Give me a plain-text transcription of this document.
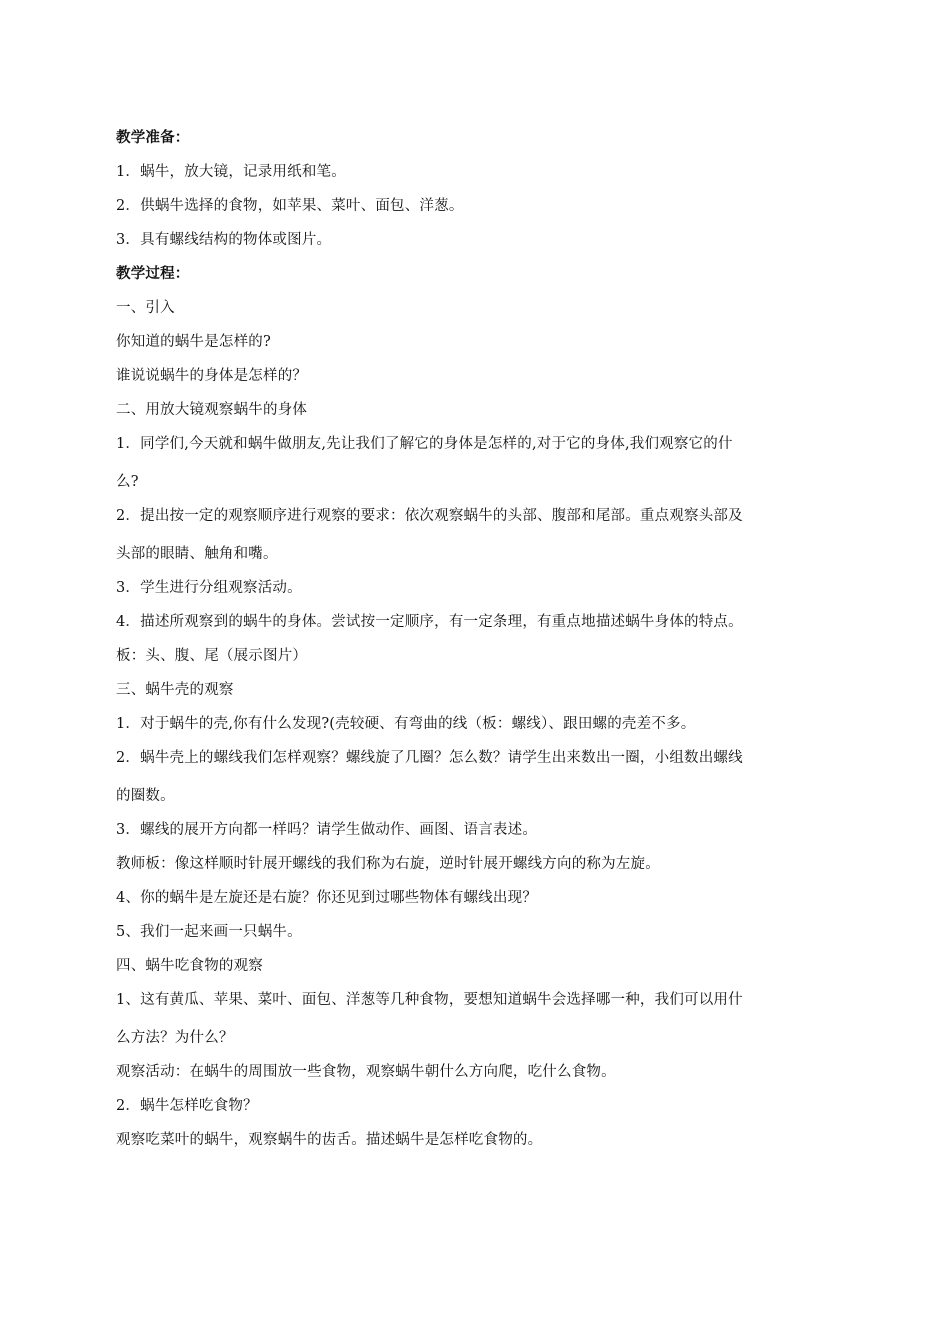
教学准备：
1．蜗牛，放大镜，记录用纸和笔。
2．供蜗牛选择的食物，如苹果、菜叶、面包、洋葱。
3．具有螺线结构的物体或图片。
教学过程：
一、引入
你知道的蜗牛是怎样的?
谁说说蜗牛的身体是怎样的？
二、用放大镜观察蜗牛的身体
1．同学们,今天就和蜗牛做朋友,先让我们了解它的身体是怎样的,对于它的身体,我们观察它的什
么?
2．提出按一定的观察顺序进行观察的要求：依次观察蜗牛的头部、腹部和尾部。重点观察头部及
头部的眼睛、触角和嘴。
3．学生进行分组观察活动。
4．描述所观察到的蜗牛的身体。尝试按一定顺序，有一定条理，有重点地描述蜗牛身体的特点。
板：头、腹、尾（展示图片）
三、蜗牛壳的观察
1．对于蜗牛的壳,你有什么发现?(壳较硬、有弯曲的线（板：螺线）、跟田螺的壳差不多。
2．蜗牛壳上的螺线我们怎样观察？螺线旋了几圈？怎么数？请学生出来数出一圈，小组数出螺线
的圈数。
3．螺线的展开方向都一样吗？请学生做动作、画图、语言表述。
教师板：像这样顺时针展开螺线的我们称为右旋，逆时针展开螺线方向的称为左旋。
4、你的蜗牛是左旋还是右旋？你还见到过哪些物体有螺线出现？
5、我们一起来画一只蜗牛。
四、蜗牛吃食物的观察
1、这有黄瓜、苹果、菜叶、面包、洋葱等几种食物，要想知道蜗牛会选择哪一种，我们可以用什
么方法？为什么？
观察活动：在蜗牛的周围放一些食物，观察蜗牛朝什么方向爬，吃什么食物。
2．蜗牛怎样吃食物？
观察吃菜叶的蜗牛，观察蜗牛的齿舌。描述蜗牛是怎样吃食物的。
